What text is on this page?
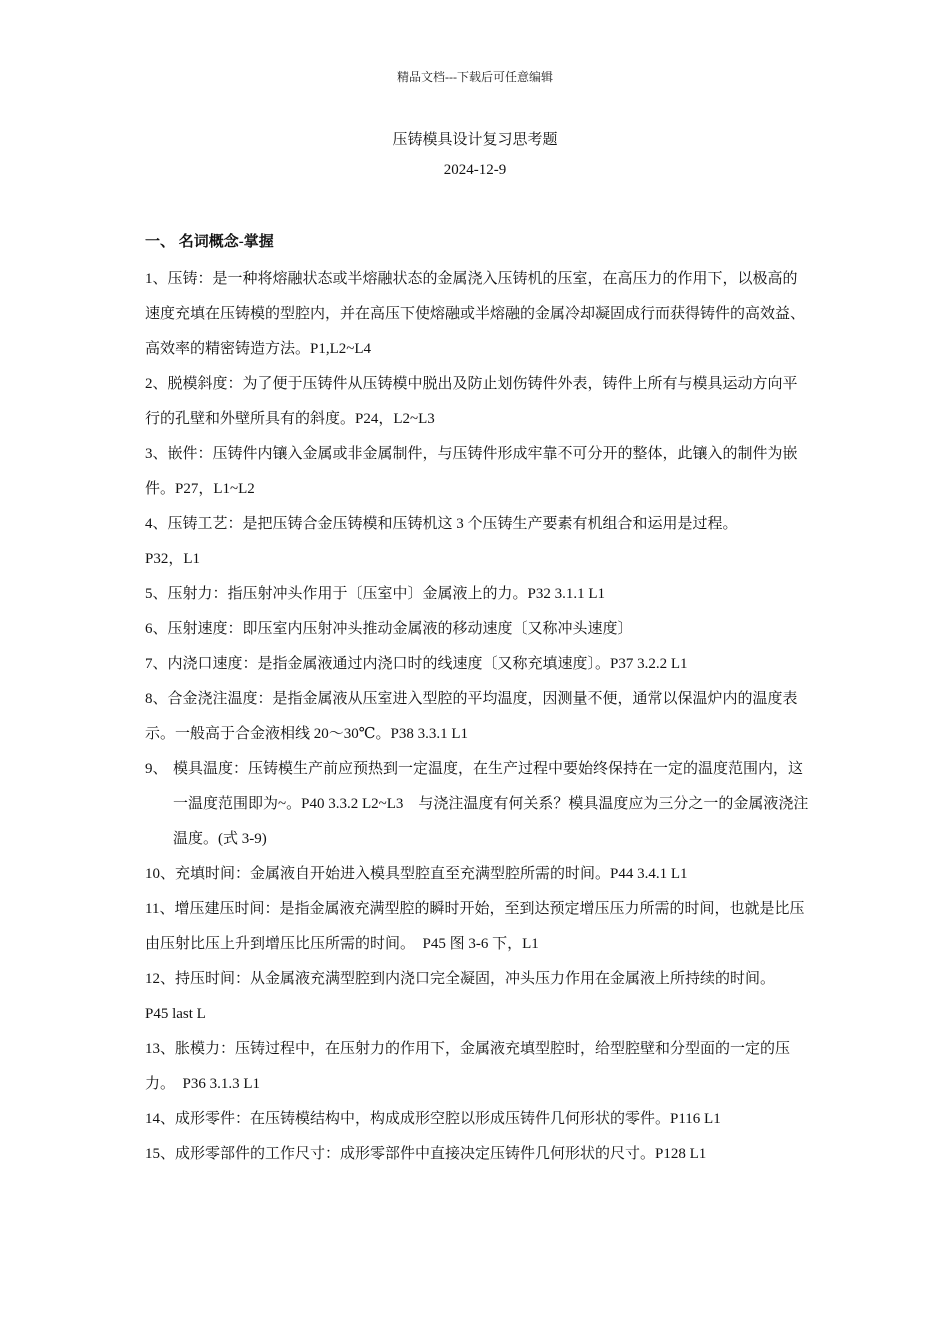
精品文档---下载后可任意编辑
压铸模具设计复习思考题
2024-12-9
一、 名词概念-掌握

1、压铸：是一种将熔融状态或半熔融状态的金属浇入压铸机的压室，在高压力的作用下，以极高的速度充填在压铸模的型腔内，并在高压下使熔融或半熔融的金属冷却凝固成行而获得铸件的高效益、高效率的精密铸造方法。P1,L2~L4

2、脱模斜度：为了便于压铸件从压铸模中脱出及防止划伤铸件外表，铸件上所有与模具运动方向平行的孔壁和外壁所具有的斜度。P24，L2~L3

3、嵌件：压铸件内镶入金属或非金属制件，与压铸件形成牢靠不可分开的整体，此镶入的制件为嵌件。P27，L1~L2

4、压铸工艺：是把压铸合金压铸模和压铸机这 3 个压铸生产要素有机组合和运用是过程。

P32，L1

5、压射力：指压射冲头作用于〔压室中〕金属液上的力。P32 3.1.1 L1

6、压射速度：即压室内压射冲头推动金属液的移动速度〔又称冲头速度〕

7、内浇口速度：是指金属液通过内浇口时的线速度〔又称充填速度〕。P37 3.2.2 L1

8、合金浇注温度：是指金属液从压室进入型腔的平均温度，因测量不便，通常以保温炉内的温度表示。一般高于合金液相线 20～30℃。P38 3.3.1 L1

9、 模具温度：压铸模生产前应预热到一定温度，在生产过程中要始终保持在一定的温度范围内，这一温度范围即为~。P40 3.3.2 L2~L3　与浇注温度有何关系？模具温度应为三分之一的金属液浇注温度。(式 3-9)

10、充填时间：金属液自开始进入模具型腔直至充满型腔所需的时间。P44 3.4.1 L1

11、增压建压时间：是指金属液充满型腔的瞬时开始，至到达预定增压压力所需的时间，也就是比压由压射比压上升到增压比压所需的时间。　P45 图 3-6 下，L1

12、持压时间：从金属液充满型腔到内浇口完全凝固，冲头压力作用在金属液上所持续的时间。

P45 last L

13、胀模力：压铸过程中，在压射力的作用下，金属液充填型腔时，给型腔壁和分型面的一定的压力。　P36 3.1.3 L1

14、成形零件：在压铸模结构中，构成成形空腔以形成压铸件几何形状的零件。P116 L1

15、成形零部件的工作尺寸：成形零部件中直接决定压铸件几何形状的尺寸。P128 L1
